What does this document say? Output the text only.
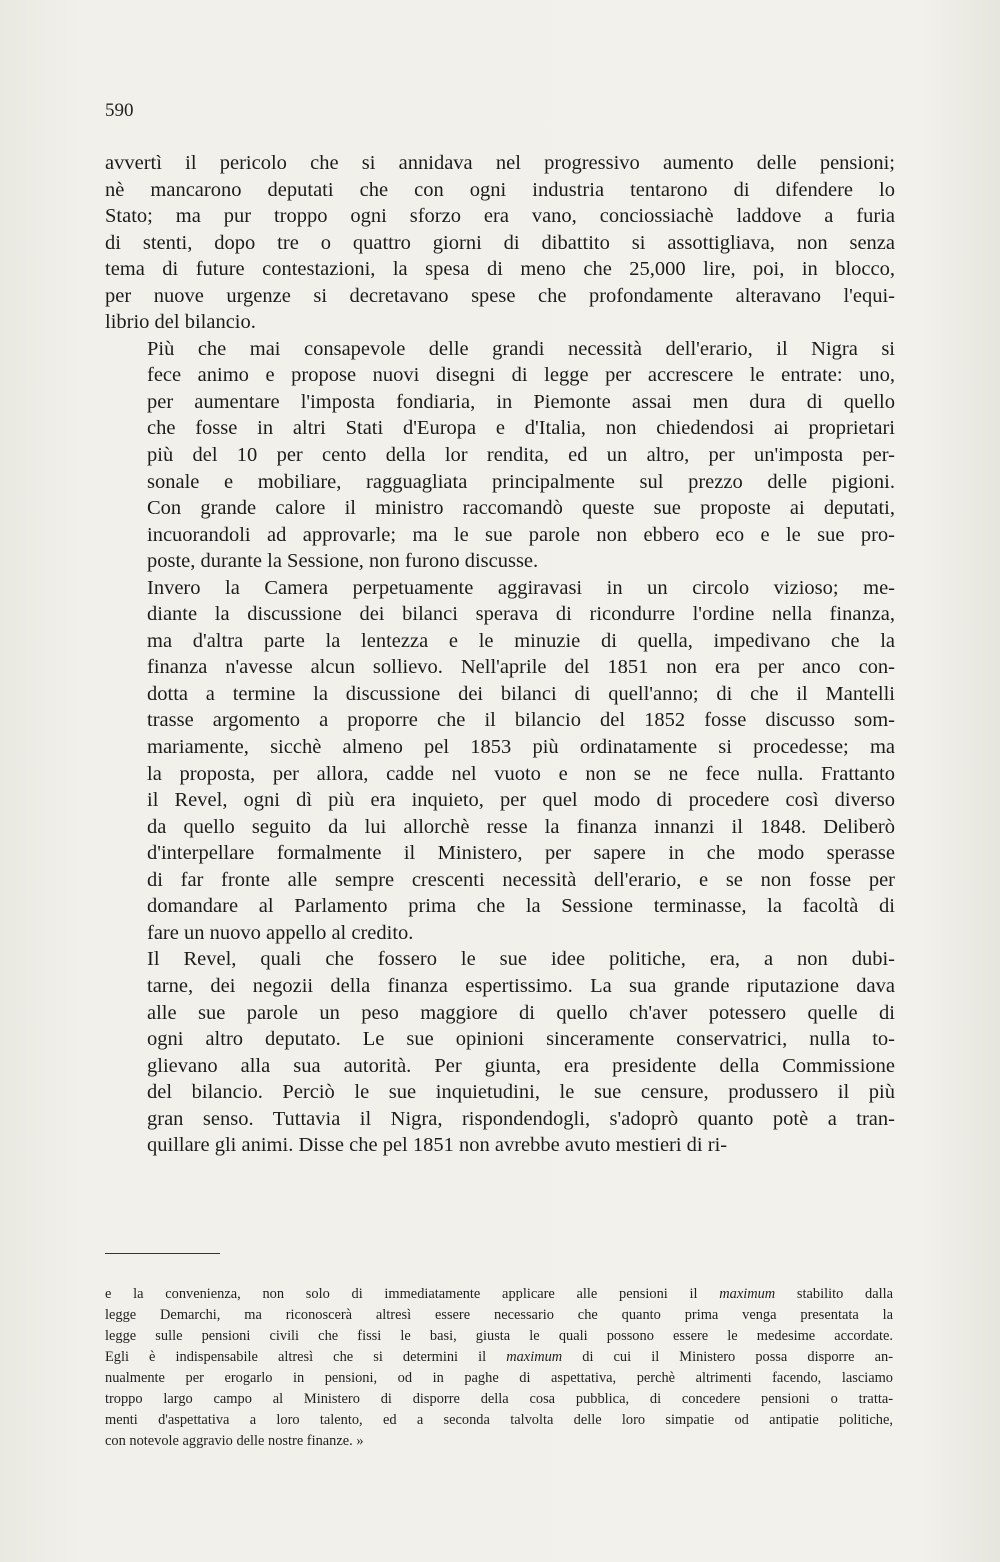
590

avvertì il pericolo che si annidava nel progressivo aumento delle pensioni;
nè mancarono deputati che con ogni industria tentarono di difendere lo
Stato; ma pur troppo ogni sforzo era vano, conciossiachè laddove a furia
di stenti, dopo tre o quattro giorni di dibattito si assottigliava, non senza
tema di future contestazioni, la spesa di meno che 25,000 lire, poi, in blocco,
per nuove urgenze si decretavano spese che profondamente alteravano l'equi-
librio del bilancio.

Più che mai consapevole delle grandi necessità dell'erario, il Nigra si
fece animo e propose nuovi disegni di legge per accrescere le entrate: uno,
per aumentare l'imposta fondiaria, in Piemonte assai men dura di quello
che fosse in altri Stati d'Europa e d'Italia, non chiedendosi ai proprietari
più del 10 per cento della lor rendita, ed un altro, per un'imposta per-
sonale e mobiliare, ragguagliata principalmente sul prezzo delle pigioni.
Con grande calore il ministro raccomandò queste sue proposte ai deputati,
incuorandoli ad approvarle; ma le sue parole non ebbero eco e le sue pro-
poste, durante la Sessione, non furono discusse.

Invero la Camera perpetuamente aggiravasi in un circolo vizioso; me-
diante la discussione dei bilanci sperava di ricondurre l'ordine nella finanza,
ma d'altra parte la lentezza e le minuzie di quella, impedivano che la
finanza n'avesse alcun sollievo. Nell'aprile del 1851 non era per anco con-
dotta a termine la discussione dei bilanci di quell'anno; di che il Mantelli
trasse argomento a proporre che il bilancio del 1852 fosse discusso som-
mariamente, sicchè almeno pel 1853 più ordinatamente si procedesse; ma
la proposta, per allora, cadde nel vuoto e non se ne fece nulla. Frattanto
il Revel, ogni dì più era inquieto, per quel modo di procedere così diverso
da quello seguito da lui allorchè resse la finanza innanzi il 1848. Deliberò
d'interpellare formalmente il Ministero, per sapere in che modo sperasse
di far fronte alle sempre crescenti necessità dell'erario, e se non fosse per
domandare al Parlamento prima che la Sessione terminasse, la facoltà di
fare un nuovo appello al credito.

Il Revel, quali che fossero le sue idee politiche, era, a non dubi-
tarne, dei negozii della finanza espertissimo. La sua grande riputazione dava
alle sue parole un peso maggiore di quello ch'aver potessero quelle di
ogni altro deputato. Le sue opinioni sinceramente conservatrici, nulla to-
glievano alla sua autorità. Per giunta, era presidente della Commissione
del bilancio. Perciò le sue inquietudini, le sue censure, produssero il più
gran senso. Tuttavia il Nigra, rispondendogli, s'adoprò quanto potè a tran-
quillare gli animi. Disse che pel 1851 non avrebbe avuto mestieri di ri-

e la convenienza, non solo di immediatamente applicare alle pensioni il maximum stabilito dalla
legge Demarchi, ma riconoscerà altresì essere necessario che quanto prima venga presentata la
legge sulle pensioni civili che fissi le basi, giusta le quali possono essere le medesime accordate.
Egli è indispensabile altresì che si determini il maximum di cui il Ministero possa disporre an-
nualmente per erogarlo in pensioni, od in paghe di aspettativa, perchè altrimenti facendo, lasciamo
troppo largo campo al Ministero di disporre della cosa pubblica, di concedere pensioni o tratta-
menti d'aspettativa a loro talento, ed a seconda talvolta delle loro simpatie od antipatie politiche,
con notevole aggravio delle nostre finanze. »
